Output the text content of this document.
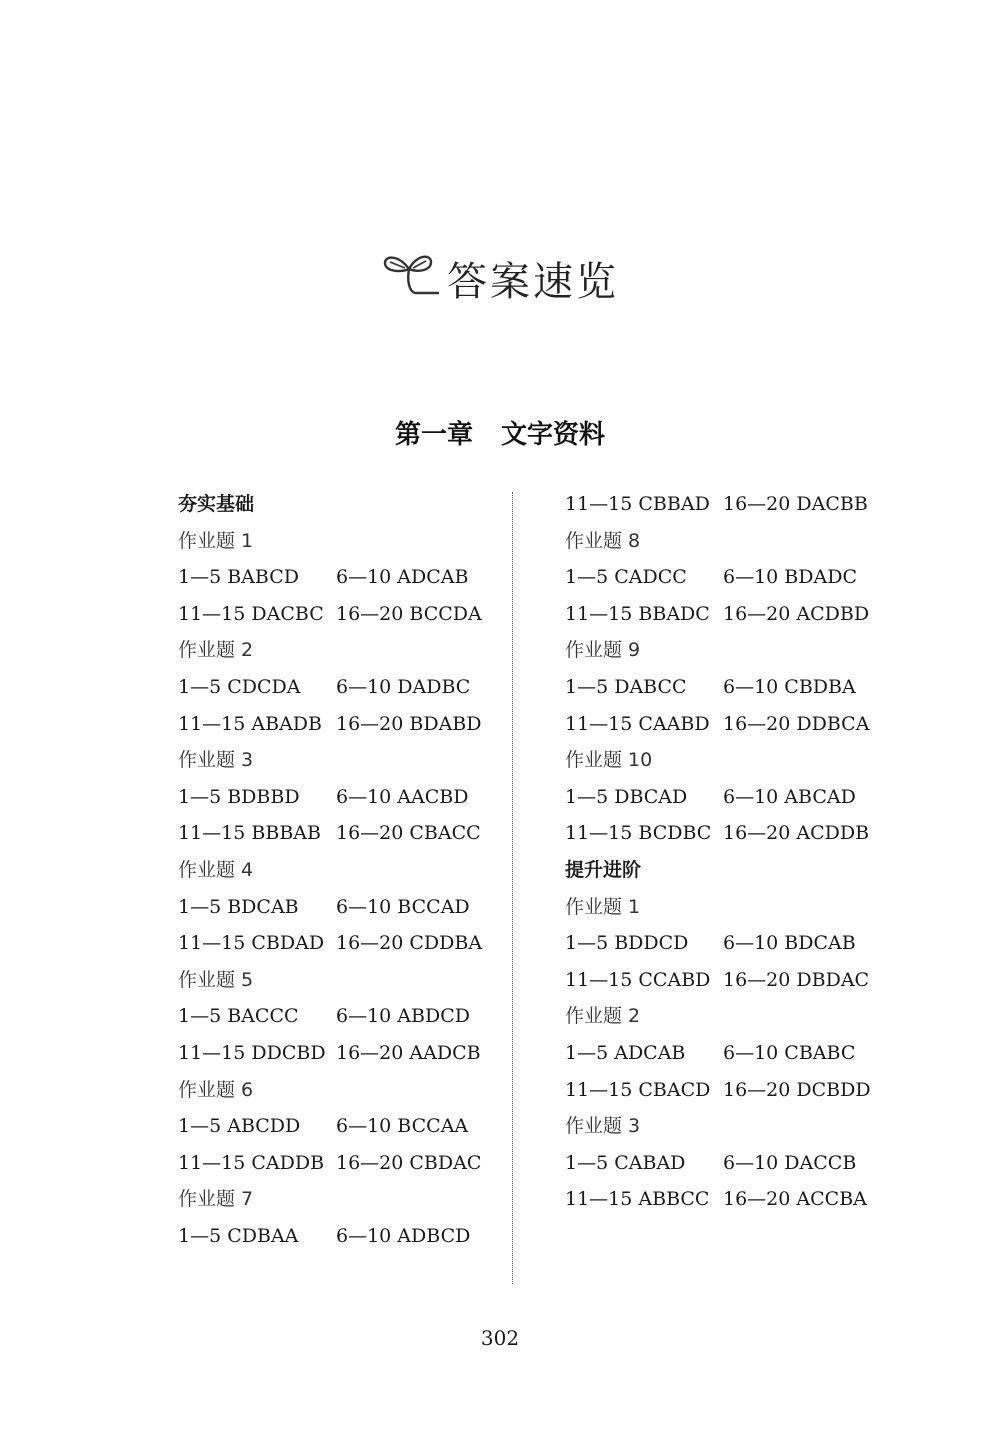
答案速览
第一章 文字资料
夯实基础
作业题 1
1—5 BABCD 6—10 ADCAB
11—15 DACBC 16—20 BCCDA
作业题 2
1—5 CDCDA 6—10 DADBC
11—15 ABADB 16—20 BDABD
作业题 3
1—5 BDBBD 6—10 AACBD
11—15 BBBAB 16—20 CBACC
作业题 4
1—5 BDCAB 6—10 BCCAD
11—15 CBDAD 16—20 CDDBA
作业题 5
1—5 BACCC 6—10 ABDCD
11—15 DDCBD 16—20 AADCB
作业题 6
1—5 ABCDD 6—10 BCCAA
11—15 CADDB 16—20 CBDAC
作业题 7
1—5 CDBAA 6—10 ADBCD
11—15 CBBAD 16—20 DACBB
作业题 8
1—5 CADCC 6—10 BDADC
11—15 BBADC 16—20 ACDBD
作业题 9
1—5 DABCC 6—10 CBDBA
11—15 CAABD 16—20 DDBCA
作业题 10
1—5 DBCAD 6—10 ABCAD
11—15 BCDBC 16—20 ACDDB
提升进阶
作业题 1
1—5 BDDCD 6—10 BDCAB
11—15 CCABD 16—20 DBDAC
作业题 2
1—5 ADCAB 6—10 CBABC
11—15 CBACD 16—20 DCBDD
作业题 3
1—5 CABAD 6—10 DACCB
11—15 ABBCC 16—20 ACCBA
302
